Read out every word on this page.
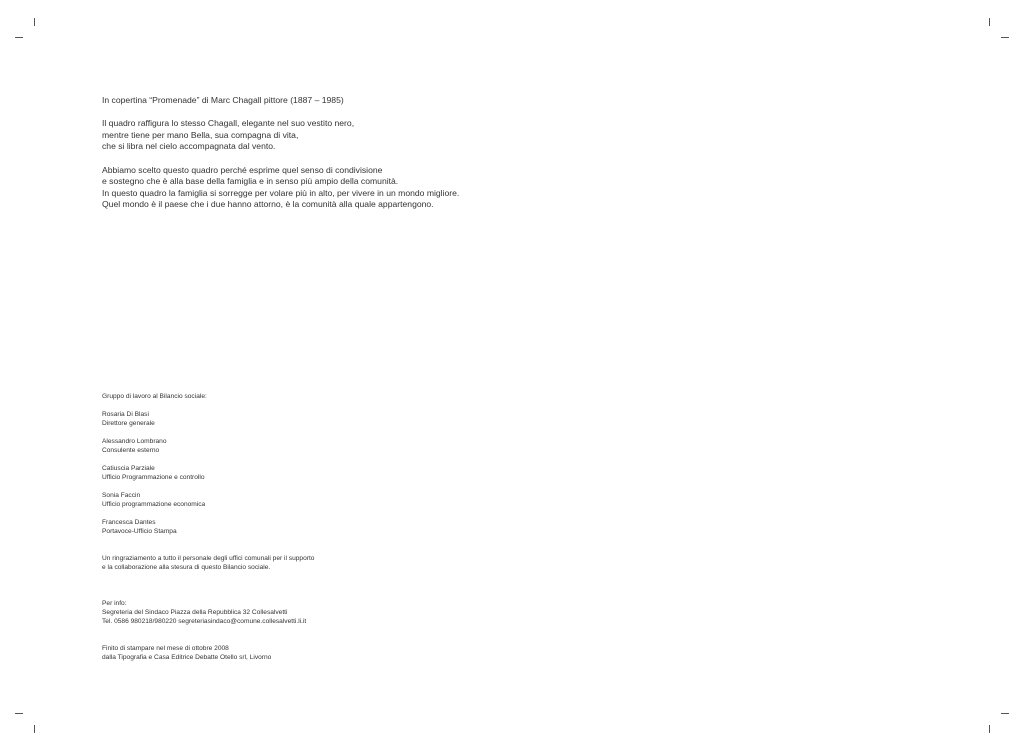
In copertina “Promenade” di Marc Chagall pittore (1887 – 1985)

Il quadro raffigura lo stesso Chagall, elegante nel suo vestito nero,
mentre tiene per mano Bella, sua compagna di vita,
che si libra nel cielo accompagnata dal vento.

Abbiamo scelto questo quadro perché esprime quel senso di condivisione
e sostegno che è alla base della famiglia e in senso più ampio della comunità.
In questo quadro la famiglia si sorregge per volare più in alto, per vivere in un mondo migliore.
Quel mondo è il paese che i due hanno attorno, è la comunità alla quale appartengono.

Gruppo di lavoro al Bilancio sociale:
Rosaria Di Blasi
Direttore generale
Alessandro Lombrano
Consulente esterno
Catiuscia Parziale
Ufficio Programmazione e controllo
Sonia Faccin
Ufficio programmazione economica
Francesca Dantes
Portavoce-Ufficio Stampa
Un ringraziamento a tutto il personale degli uffici comunali per il supporto
e la collaborazione alla stesura di questo Bilancio sociale.
Per info:
Segreteria del Sindaco Piazza della Repubblica 32 Collesalvetti
Tel. 0586 980218/980220 segreteriasindaco@comune.collesalvetti.li.it
Finito di stampare nel mese di ottobre 2008
dalla Tipografia e Casa Editrice Debatte Otello srl, Livorno
